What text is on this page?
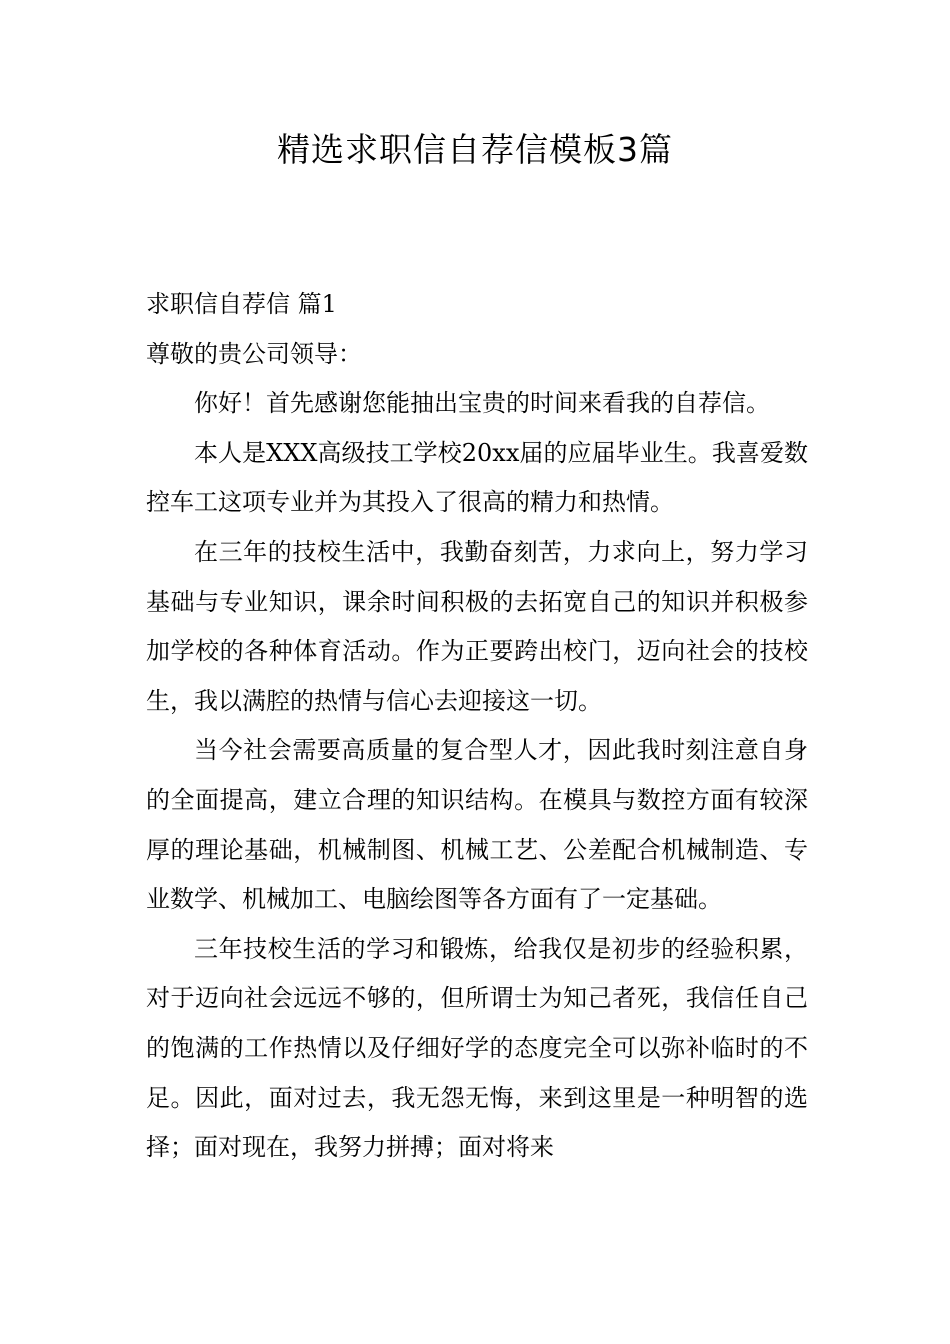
精选求职信自荐信模板3篇

求职信自荐信 篇1

尊敬的贵公司领导：

你好！首先感谢您能抽出宝贵的时间来看我的自荐信。

本人是XXX高级技工学校20xx届的应届毕业生。我喜爱数控车工这项专业并为其投入了很高的精力和热情。

在三年的技校生活中，我勤奋刻苦，力求向上，努力学习基础与专业知识，课余时间积极的去拓宽自己的知识并积极参加学校的各种体育活动。作为正要跨出校门，迈向社会的技校生，我以满腔的热情与信心去迎接这一切。

当今社会需要高质量的复合型人才，因此我时刻注意自身的全面提高，建立合理的知识结构。在模具与数控方面有较深厚的理论基础，机械制图、机械工艺、公差配合机械制造、专业数学、机械加工、电脑绘图等各方面有了一定基础。

三年技校生活的学习和锻炼，给我仅是初步的经验积累，对于迈向社会远远不够的，但所谓士为知己者死，我信任自己的饱满的工作热情以及仔细好学的态度完全可以弥补临时的不足。因此，面对过去，我无怨无悔，来到这里是一种明智的选择；面对现在，我努力拼搏；面对将来
